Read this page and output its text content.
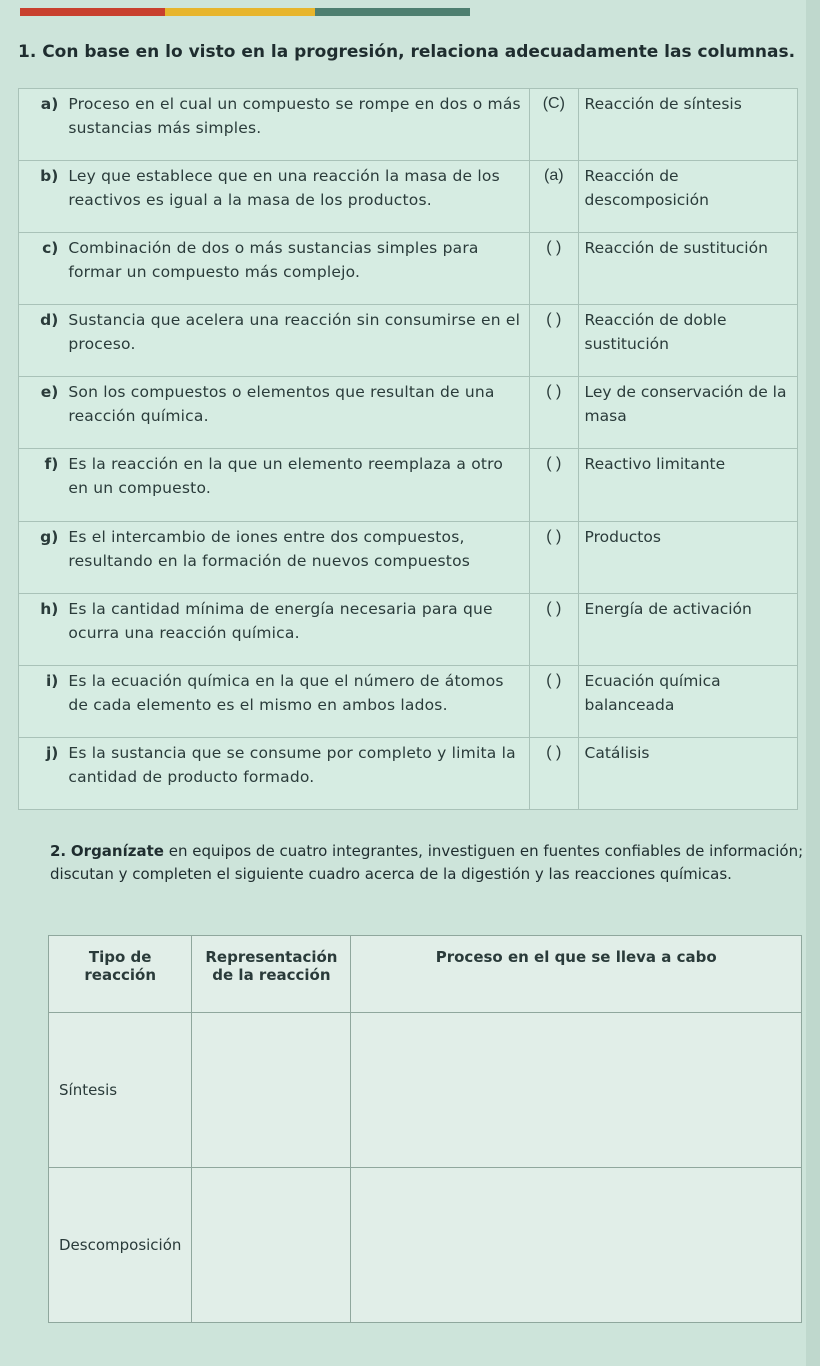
1. Con base en lo visto en la progresión, relaciona adecuadamente las columnas.
a)	Proceso en el cual un compuesto se rompe en dos o más sustancias más simples.	(C)	Reacción de síntesis
b)	Ley que establece que en una reacción la masa de los reactivos es igual a la masa de los productos.	(a)	Reacción de descomposición
c)	Combinación de dos o más sustancias simples para formar un compuesto más complejo.	( )	Reacción de sustitución
d)	Sustancia que acelera una reacción sin consumirse en el proceso.	( )	Reacción de doble sustitución
e)	Son los compuestos o elementos que resultan de una reacción química.	( )	Ley de conservación de la masa
f)	Es la reacción en la que un elemento reemplaza a otro en un compuesto.	( )	Reactivo limitante
g)	Es el intercambio de iones entre dos compuestos, resultando en la formación de nuevos compuestos	( )	Productos
h)	Es la cantidad mínima de energía necesaria para que ocurra una reacción química.	( )	Energía de activación
i)	Es la ecuación química en la que el número de átomos de cada elemento es el mismo en ambos lados.	( )	Ecuación química balanceada
j)	Es la sustancia que se consume por completo y limita la cantidad de producto formado.	( )	Catálisis
2. Organízate en equipos de cuatro integrantes, investiguen en fuentes confiables de información; discutan y completen el siguiente cuadro acerca de la digestión y las reacciones químicas.
Tipo de reacción	Representación de la reacción	Proceso en el que se lleva a cabo
Síntesis		
Descomposición		
